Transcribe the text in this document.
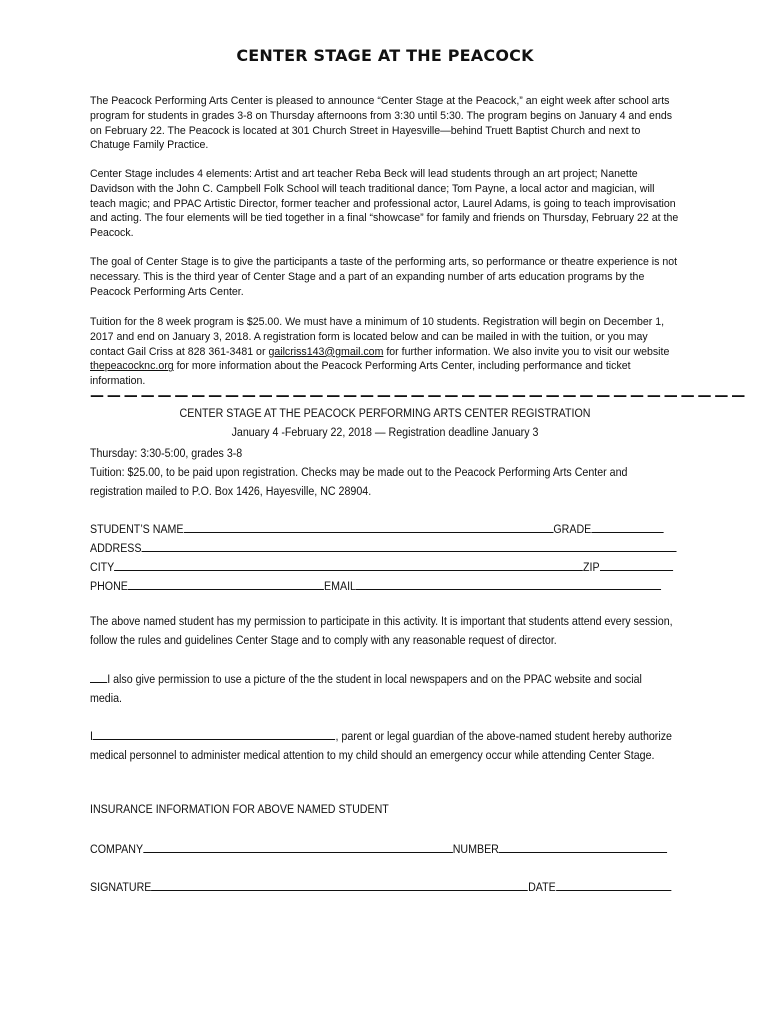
CENTER STAGE AT THE PEACOCK

The Peacock Performing Arts Center is pleased to announce “Center Stage at the Peacock,” an eight week after school arts program for students in grades 3-8 on Thursday afternoons from 3:30 until 5:30. The program begins on January 4 and ends on February 22. The Peacock is located at 301 Church Street in Hayesville—behind Truett Baptist Church and next to Chatuge Family Practice.

Center Stage includes 4 elements: Artist and art teacher Reba Beck will lead students through an art project; Nanette Davidson with the John C. Campbell Folk School will teach traditional dance; Tom Payne, a local actor and magician, will teach magic; and PPAC Artistic Director, former teacher and professional actor, Laurel Adams, is going to teach improvisation and acting. The four elements will be tied together in a final “showcase” for family and friends on Thursday, February 22 at the Peacock.

The goal of Center Stage is to give the participants a taste of the performing arts, so performance or theatre experience is not necessary. This is the third year of Center Stage and a part of an expanding number of arts education programs by the Peacock Performing Arts Center.

Tuition for the 8 week program is $25.00. We must have a minimum of 10 students. Registration will begin on December 1, 2017 and end on January 3, 2018. A registration form is located below and can be mailed in with the tuition, or you may contact Gail Criss at 828 361-3481 or gailcriss143@gmail.com for further information. We also invite you to visit our website thepeacocknc.org for more information about the Peacock Performing Arts Center, including performance and ticket information.

— — — — — — — — — — — — — — — — — — — — — — — — — — — — — — — — — — — — — — —
CENTER STAGE AT THE PEACOCK PERFORMING ARTS CENTER REGISTRATION
January 4 -February 22, 2018 — Registration deadline January 3

Thursday: 3:30-5:00, grades 3-8

Tuition: $25.00, to be paid upon registration. Checks may be made out to the Peacock Performing Arts Center and registration mailed to P.O. Box 1426, Hayesville, NC 28904.

STUDENT’S NAME	GRADE
ADDRESS
CITY	ZIP
PHONE	EMAIL

The above named student has my permission to participate in this activity. It is important that students attend every session, follow the rules and guidelines Center Stage and to comply with any reasonable request of director.

I also give permission to use a picture of the the student in local newspapers and on the PPAC website and social media.

I	, parent or legal guardian of the above-named student hereby authorize medical personnel to administer medical attention to my child should an emergency occur while attending Center Stage.

INSURANCE INFORMATION FOR ABOVE NAMED STUDENT

COMPANY	NUMBER
SIGNATURE	DATE
